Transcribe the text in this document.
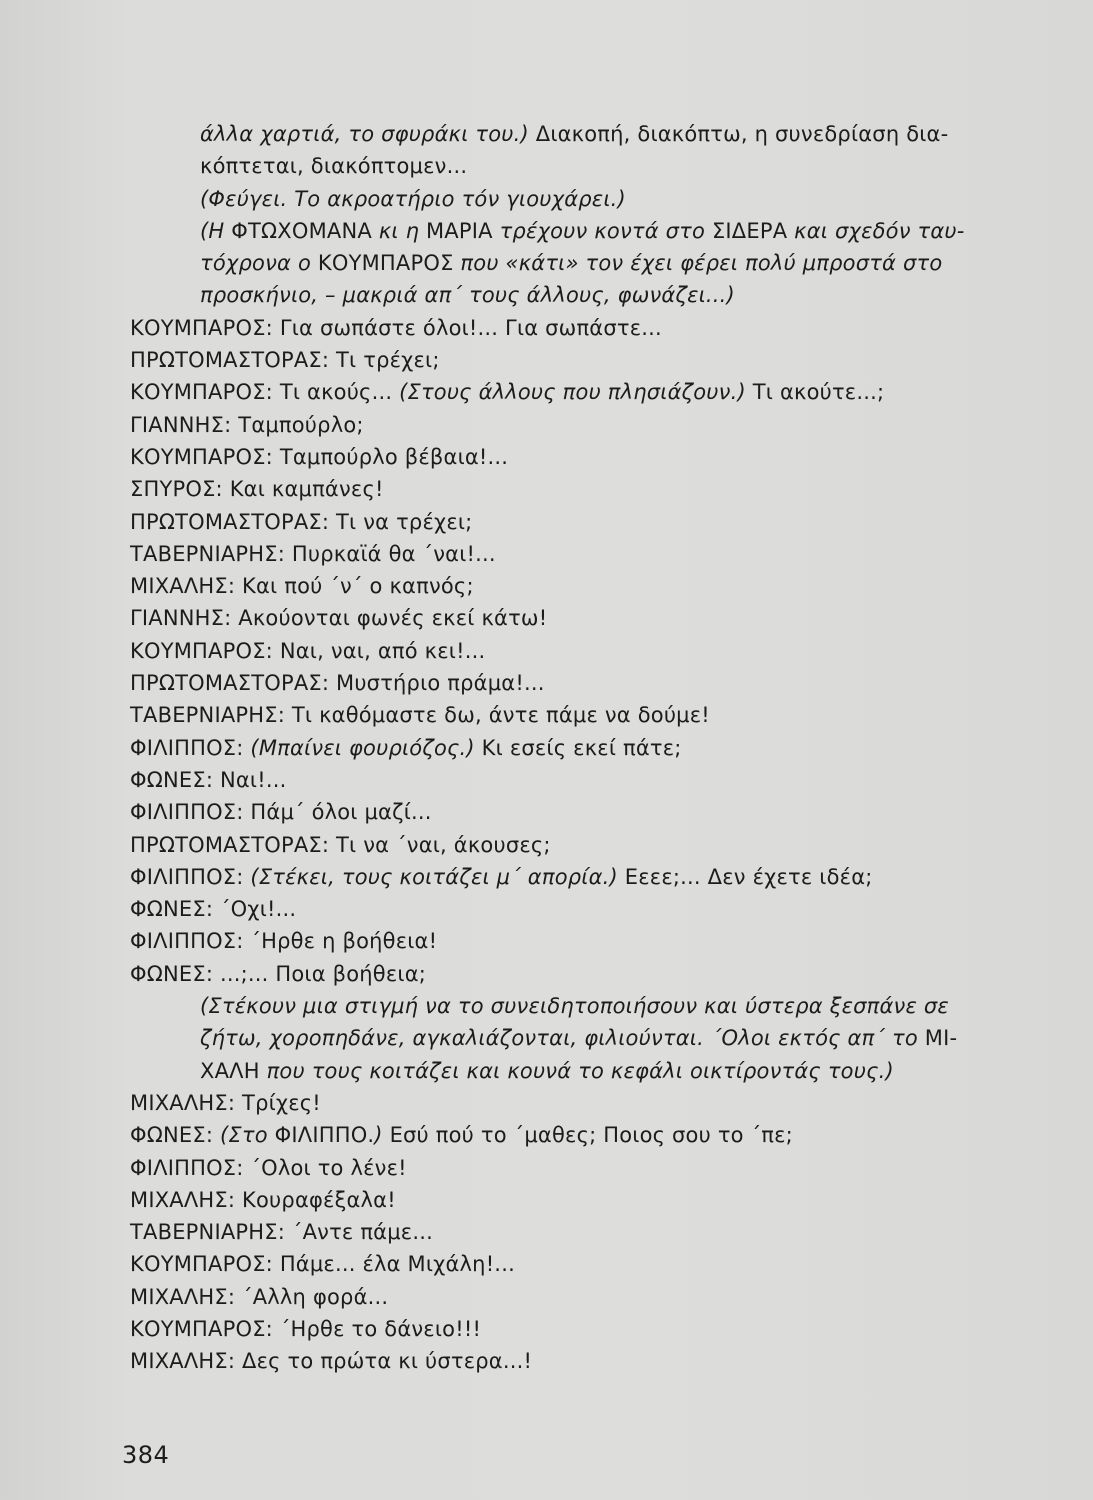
άλλα χαρτιά, το σφυράκι του.) Διακοπή, διακόπτω, η συνεδρίαση δια-
κόπτεται, διακόπτομεν...
(Φεύγει. Το ακροατήριο τόν γιουχάρει.)
(Η ΦΤΩΧΟΜΑΝΑ κι η ΜΑΡΙΑ τρέχουν κοντά στο ΣΙΔΕΡΑ και σχεδόν ταυ-
τόχρονα ο ΚΟΥΜΠΑΡΟΣ που «κάτι» τον έχει φέρει πολύ μπροστά στο
προσκήνιο, – μακριά απ΄ τους άλλους, φωνάζει...)
ΚΟΥΜΠΑΡΟΣ: Για σωπάστε όλοι!... Για σωπάστε...
ΠΡΩΤΟΜΑΣΤΟΡΑΣ: Τι τρέχει;
ΚΟΥΜΠΑΡΟΣ: Τι ακούς... (Στους άλλους που πλησιάζουν.) Τι ακούτε...;
ΓΙΑΝΝΗΣ: Ταμπούρλο;
ΚΟΥΜΠΑΡΟΣ: Ταμπούρλο βέβαια!...
ΣΠΥΡΟΣ: Και καμπάνες!
ΠΡΩΤΟΜΑΣΤΟΡΑΣ: Τι να τρέχει;
ΤΑΒΕΡΝΙΑΡΗΣ: Πυρκαϊά θα ΄ναι!...
ΜΙΧΑΛΗΣ: Και πού ΄ν΄ ο καπνός;
ΓΙΑΝΝΗΣ: Ακούονται φωνές εκεί κάτω!
ΚΟΥΜΠΑΡΟΣ: Ναι, ναι, από κει!...
ΠΡΩΤΟΜΑΣΤΟΡΑΣ: Μυστήριο πράμα!...
ΤΑΒΕΡΝΙΑΡΗΣ: Τι καθόμαστε δω, άντε πάμε να δούμε!
ΦΙΛΙΠΠΟΣ: (Μπαίνει φουριόζος.) Κι εσείς εκεί πάτε;
ΦΩΝΕΣ: Ναι!...
ΦΙΛΙΠΠΟΣ: Πάμ΄ όλοι μαζί...
ΠΡΩΤΟΜΑΣΤΟΡΑΣ: Τι να ΄ναι, άκουσες;
ΦΙΛΙΠΠΟΣ: (Στέκει, τους κοιτάζει μ΄ απορία.) Εεεε;... Δεν έχετε ιδέα;
ΦΩΝΕΣ: ΄Οχι!...
ΦΙΛΙΠΠΟΣ: ΄Ηρθε η βοήθεια!
ΦΩΝΕΣ: ...;... Ποια βοήθεια;
(Στέκουν μια στιγμή να το συνειδητοποιήσουν και ύστερα ξεσπάνε σε
ζήτω, χοροπηδάνε, αγκαλιάζονται, φιλιούνται. ΄Ολοι εκτός απ΄ το ΜΙ-
ΧΑΛΗ που τους κοιτάζει και κουνά το κεφάλι οικτίροντάς τους.)
ΜΙΧΑΛΗΣ: Τρίχες!
ΦΩΝΕΣ: (Στο ΦΙΛΙΠΠΟ.) Εσύ πού το ΄μαθες; Ποιος σου το ΄πε;
ΦΙΛΙΠΠΟΣ: ΄Ολοι το λένε!
ΜΙΧΑΛΗΣ: Κουραφέξαλα!
ΤΑΒΕΡΝΙΑΡΗΣ: ΄Αντε πάμε...
ΚΟΥΜΠΑΡΟΣ: Πάμε... έλα Μιχάλη!...
ΜΙΧΑΛΗΣ: ΄Αλλη φορά...
ΚΟΥΜΠΑΡΟΣ: ΄Ηρθε το δάνειο!!!
ΜΙΧΑΛΗΣ: Δες το πρώτα κι ύστερα...!
384
